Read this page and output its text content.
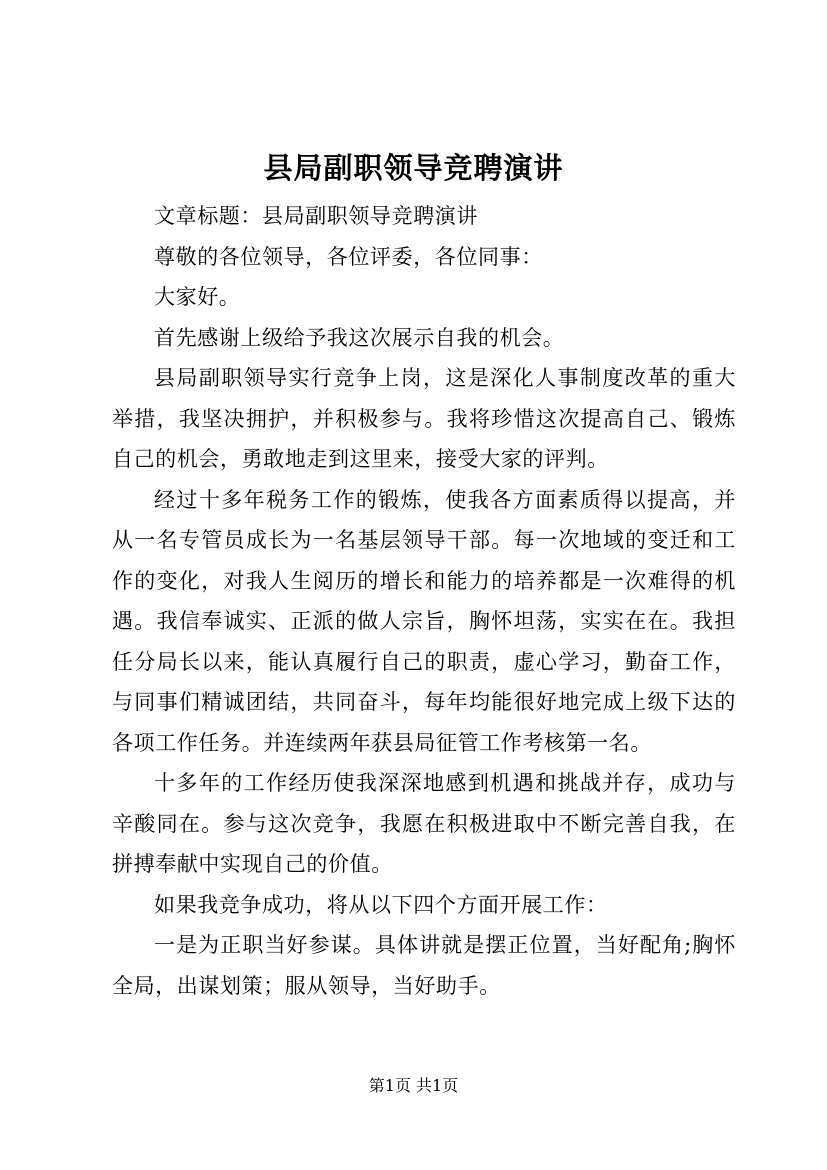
县局副职领导竞聘演讲

文章标题：县局副职领导竞聘演讲

尊敬的各位领导，各位评委，各位同事：

大家好。

首先感谢上级给予我这次展示自我的机会。

县局副职领导实行竞争上岗，这是深化人事制度改革的重大举措，我坚决拥护，并积极参与。我将珍惜这次提高自己、锻炼自己的机会，勇敢地走到这里来，接受大家的评判。

经过十多年税务工作的锻炼，使我各方面素质得以提高，并从一名专管员成长为一名基层领导干部。每一次地域的变迁和工作的变化，对我人生阅历的增长和能力的培养都是一次难得的机遇。我信奉诚实、正派的做人宗旨，胸怀坦荡，实实在在。我担任分局长以来，能认真履行自己的职责，虚心学习，勤奋工作，与同事们精诚团结，共同奋斗，每年均能很好地完成上级下达的各项工作任务。并连续两年获县局征管工作考核第一名。

十多年的工作经历使我深深地感到机遇和挑战并存，成功与辛酸同在。参与这次竞争，我愿在积极进取中不断完善自我，在拼搏奉献中实现自己的价值。

如果我竞争成功，将从以下四个方面开展工作：

一是为正职当好参谋。具体讲就是摆正位置，当好配角;胸怀全局，出谋划策；服从领导，当好助手。

第1页 共1页
